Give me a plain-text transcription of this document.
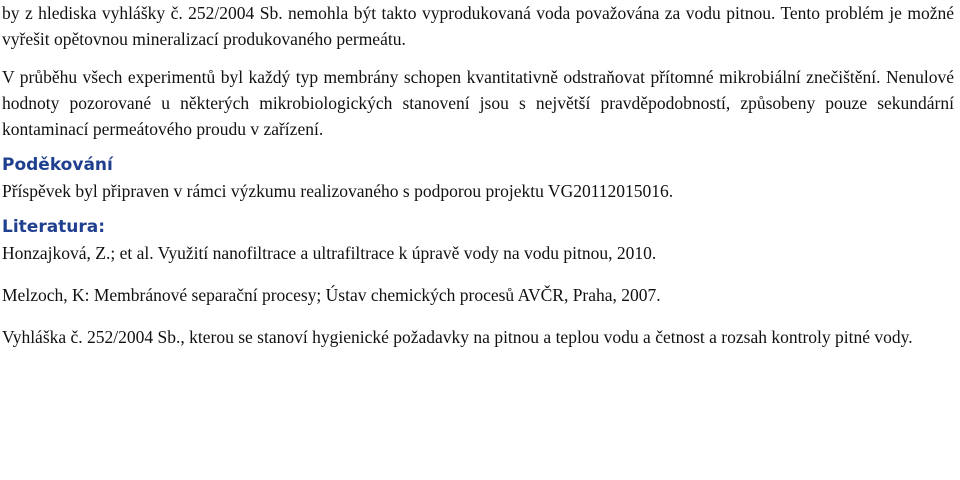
by z hlediska vyhlášky č. 252/2004 Sb. nemohla být takto vyprodukovaná voda považována za vodu pitnou. Tento problém je možné vyřešit opětovnou mineralizací produkovaného permeátu.

V průběhu všech experimentů byl každý typ membrány schopen kvantitativně odstraňovat přítomné mikrobiální znečištění. Nenulové hodnoty pozorované u některých mikrobiologických stanovení jsou s největší pravděpodobností, způsobeny pouze sekundární kontaminací permeátového proudu v zařízení.

Poděkování

Příspěvek byl připraven v rámci výzkumu realizovaného s podporou projektu VG20112015016.

Literatura:

Honzajková, Z.; et al. Využití nanofiltrace a ultrafiltrace k úpravě vody na vodu pitnou, 2010.

Melzoch, K: Membránové separační procesy; Ústav chemických procesů AVČR, Praha, 2007.

Vyhláška č. 252/2004 Sb., kterou se stanoví hygienické požadavky na pitnou a teplou vodu a četnost a rozsah kontroly pitné vody.
